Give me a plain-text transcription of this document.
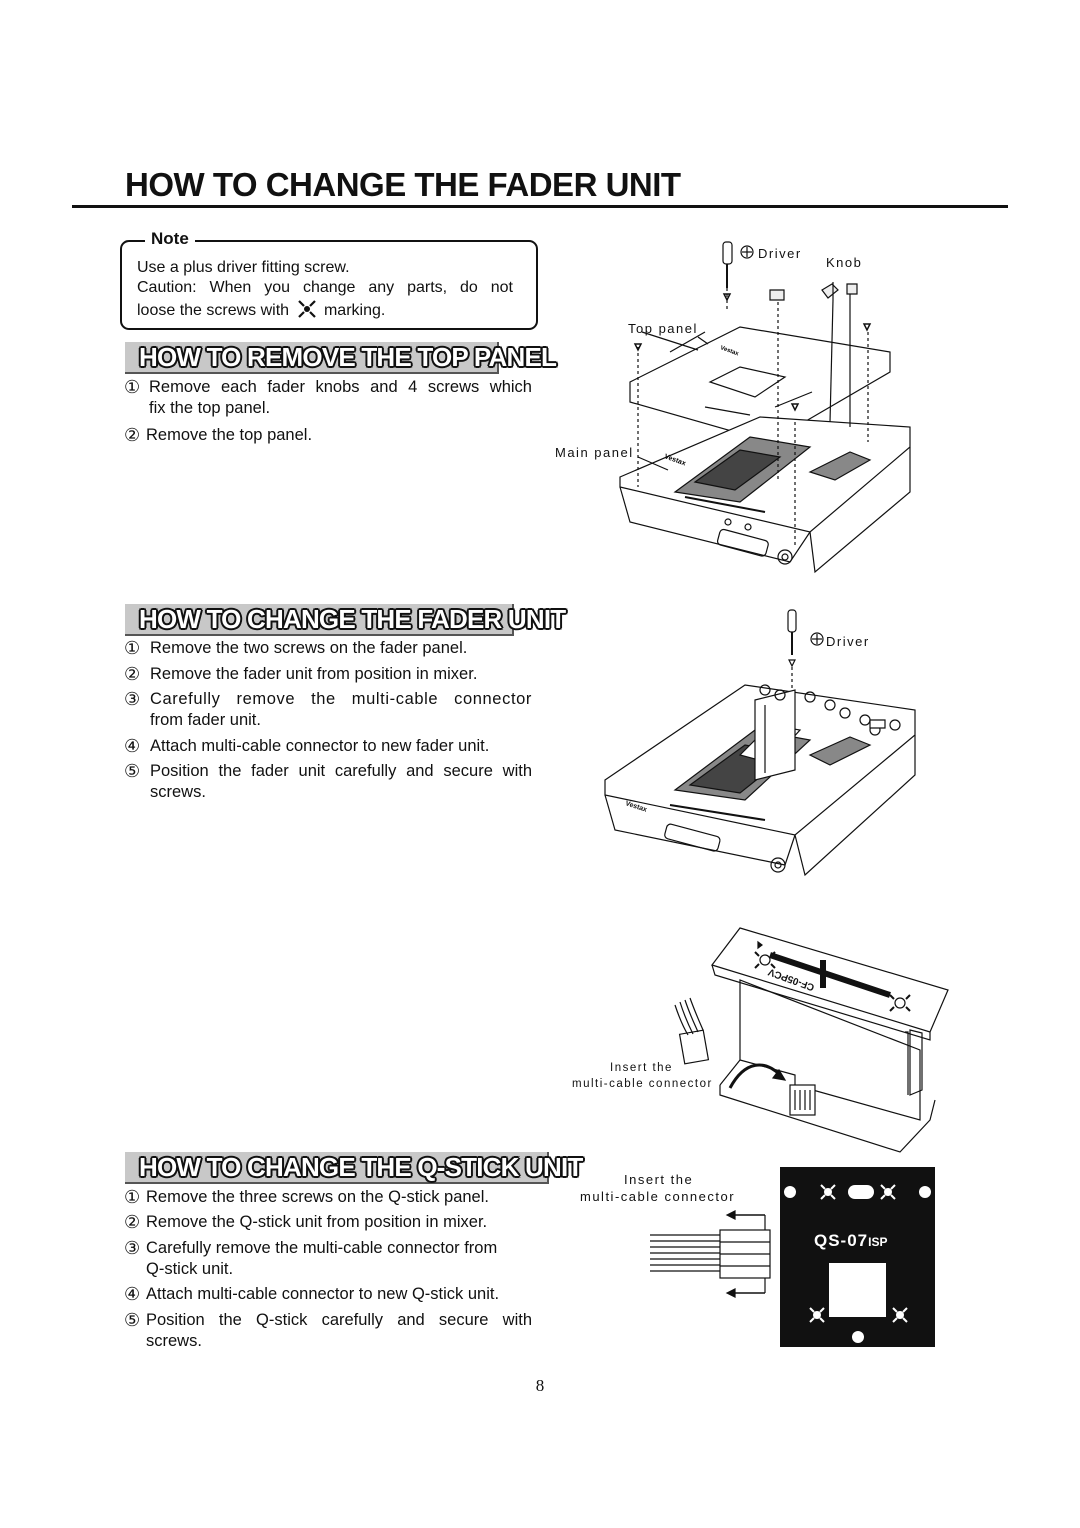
HOW TO CHANGE THE FADER UNIT
Note
Use a plus driver fitting screw.
Caution: When you change any parts, do not
loose the screws with marking.
HOW TO REMOVE THE TOP PANEL
① Remove each fader knobs and 4 screws which
fix the top panel.
② Remove the top panel.
HOW TO CHANGE THE FADER UNIT
① Remove the two screws on the fader panel.
② Remove the fader unit from position in mixer.
③ Carefully remove the multi-cable connector
from fader unit.
④ Attach multi-cable connector to new fader unit.
⑤ Position the fader unit carefully and secure with
screws.
HOW TO CHANGE THE Q-STICK UNIT
① Remove the three screws on the Q-stick panel.
② Remove the Q-stick unit from position in mixer.
③ Carefully remove the multi-cable connector from
Q-stick unit.
④ Attach multi-cable connector to new Q-stick unit.
⑤ Position the Q-stick carefully and secure with
screws.
Vestax
Vestax
Driver
Knob
Top panel
Main panel
Vestax
Driver
CF-05PCV
Insert the
multi-cable connector
Insert the
multi-cable connector
QS-07ISP
8
